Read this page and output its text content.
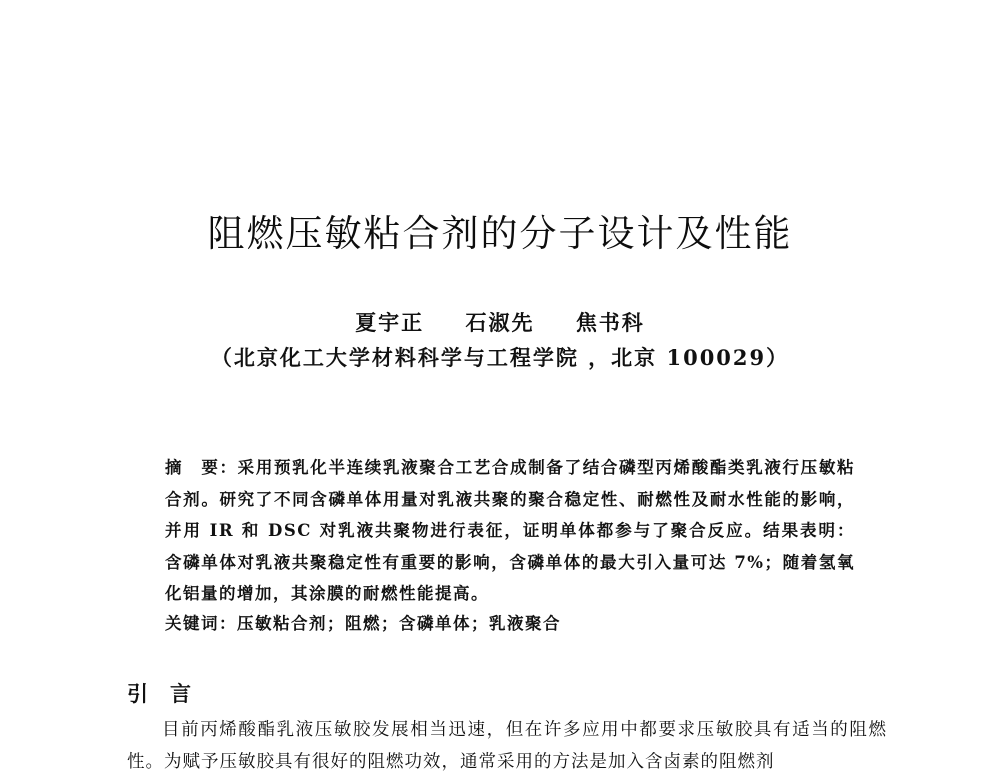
阻燃压敏粘合剂的分子设计及性能
夏宇正 石淑先 焦书科
（北京化工大学材料科学与工程学院 ，北京 100029）
摘　要：采用预乳化半连续乳液聚合工艺合成制备了结合磷型丙烯酸酯类乳液行压敏粘合剂。研究了不同含磷单体用量对乳液共聚的聚合稳定性、耐燃性及耐水性能的影响，并用 IR 和 DSC 对乳液共聚物进行表征，证明单体都参与了聚合反应。结果表明：含磷单体对乳液共聚稳定性有重要的影响，含磷单体的最大引入量可达 7%；随着氢氧化铝量的增加，其涂膜的耐燃性能提高。
关键词：压敏粘合剂；阻燃；含磷单体；乳液聚合
引言

目前丙烯酸酯乳液压敏胶发展相当迅速，但在许多应用中都要求压敏胶具有适当的阻燃性。为赋予压敏胶具有很好的阻燃功效，通常采用的方法是加入含卤素的阻燃剂
